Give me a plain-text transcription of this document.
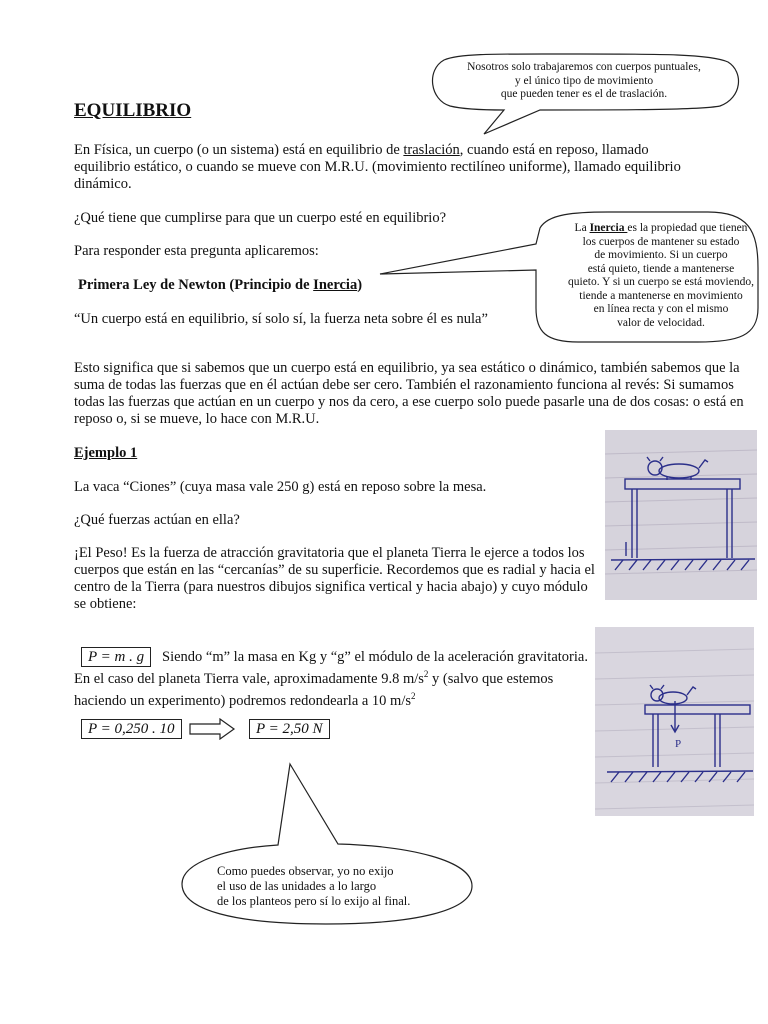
Nosotros solo trabajaremos con cuerpos puntuales,
y el único tipo de movimiento
que pueden tener es el de traslación.
EQUILIBRIO
En Física, un cuerpo (o un sistema) está en equilibrio de traslación, cuando está en reposo, llamado equilibrio estático, o cuando se mueve con M.R.U. (movimiento rectilíneo uniforme), llamado equilibrio dinámico.
¿Qué tiene que cumplirse para que un cuerpo esté en equilibrio?
Para responder esta pregunta aplicaremos:
Primera Ley de Newton (Principio de Inercia)
“Un cuerpo está en equilibrio, sí solo sí, la fuerza neta sobre él es nula”
La Inercia es la propiedad que tienen
los cuerpos de mantener su estado
de movimiento. Si un cuerpo
está quieto, tiende a mantenerse
quieto. Y si un cuerpo se está moviendo,
tiende a mantenerse en movimiento
en línea recta y con el mismo
valor de velocidad.
Esto significa que si sabemos que un cuerpo está en equilibrio, ya sea estático o dinámico, también sabemos que la suma de todas las fuerzas que en él actúan debe ser cero. También el razonamiento funciona al revés: Si sumamos todas las fuerzas que actúan en un cuerpo y nos da cero, a ese cuerpo solo puede pasarle una de dos cosas: o está en reposo o, si se mueve, lo hace con M.R.U.
Ejemplo 1
La vaca “Ciones” (cuya masa vale 250 g) está en reposo sobre la mesa.
¿Qué fuerzas actúan en ella?
¡El Peso! Es la fuerza de atracción gravitatoria que el planeta Tierra le ejerce a todos los cuerpos que están en las “cercanías” de su superficie. Recordemos que es radial y hacia el centro de la Tierra (para nuestros dibujos significa vertical y hacia abajo) y cuyo módulo se obtiene:
P = m . g	Siendo “m” la masa en Kg y “g” el módulo de la aceleración gravitatoria. En el caso del planeta Tierra vale, aproximadamente 9.8 $m/s^2$ y (salvo que estemos haciendo un experimento) podremos redondearla a 10 $m/s^2$
P = 0,250 . 10	P = 2,50 N
P
Como puedes observar, yo no exijo
el uso de las unidades a lo largo
de los planteos pero sí lo exijo al final.
